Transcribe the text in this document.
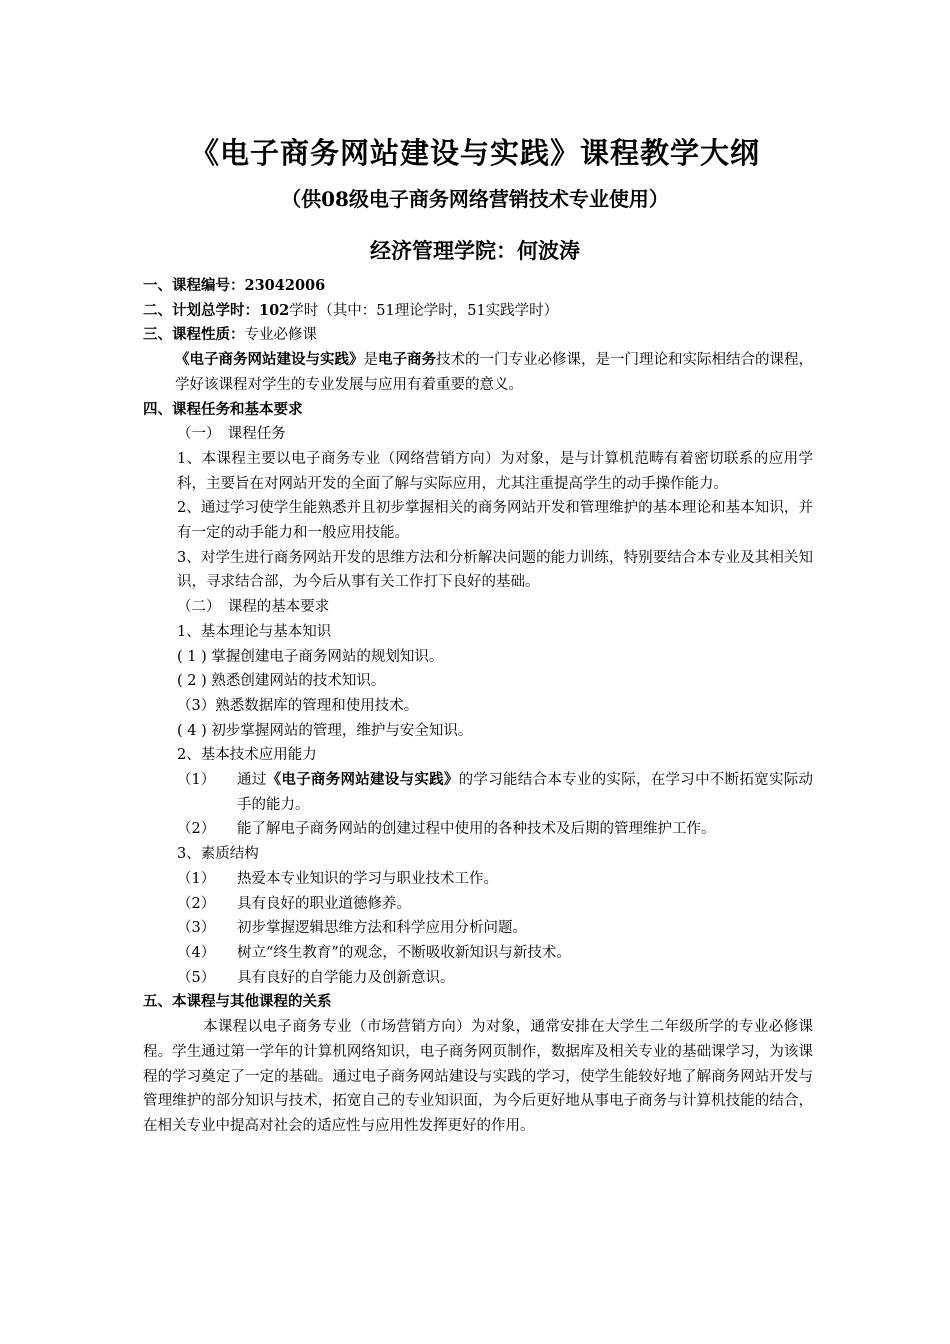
《电子商务网站建设与实践》课程教学大纲
（供08级电子商务网络营销技术专业使用）
经济管理学院：何波涛
一、课程编号：23042006
二、计划总学时：102学时（其中：51理论学时，51实践学时）
三、课程性质：专业必修课
《电子商务网站建设与实践》是电子商务技术的一门专业必修课，是一门理论和实际相结合的课程，学好该课程对学生的专业发展与应用有着重要的意义。
四、课程任务和基本要求
（一）　课程任务
1、本课程主要以电子商务专业（网络营销方向）为对象，是与计算机范畴有着密切联系的应用学科，主要旨在对网站开发的全面了解与实际应用，尤其注重提高学生的动手操作能力。
2、通过学习使学生能熟悉并且初步掌握相关的商务网站开发和管理维护的基本理论和基本知识，并有一定的动手能力和一般应用技能。
3、对学生进行商务网站开发的思维方法和分析解决问题的能力训练，特别要结合本专业及其相关知识，寻求结合部，为今后从事有关工作打下良好的基础。
（二）　课程的基本要求
1、基本理论与基本知识
( 1 ) 掌握创建电子商务网站的规划知识。
( 2 ) 熟悉创建网站的技术知识。
（3）熟悉数据库的管理和使用技术。
( 4 ) 初步掌握网站的管理，维护与安全知识。
2、基本技术应用能力
（1）	通过《电子商务网站建设与实践》的学习能结合本专业的实际，在学习中不断拓宽实际动手的能力。
（2）	能了解电子商务网站的创建过程中使用的各种技术及后期的管理维护工作。
3、素质结构
（1）	热爱本专业知识的学习与职业技术工作。
（2）	具有良好的职业道德修养。
（3）	初步掌握逻辑思维方法和科学应用分析问题。
（4）	树立“终生教育”的观念，不断吸收新知识与新技术。
（5）	具有良好的自学能力及创新意识。
五、本课程与其他课程的关系
本课程以电子商务专业（市场营销方向）为对象，通常安排在大学生二年级所学的专业必修课程。学生通过第一学年的计算机网络知识，电子商务网页制作，数据库及相关专业的基础课学习，为该课程的学习奠定了一定的基础。通过电子商务网站建设与实践的学习，使学生能较好地了解商务网站开发与管理维护的部分知识与技术，拓宽自己的专业知识面，为今后更好地从事电子商务与计算机技能的结合，在相关专业中提高对社会的适应性与应用性发挥更好的作用。
